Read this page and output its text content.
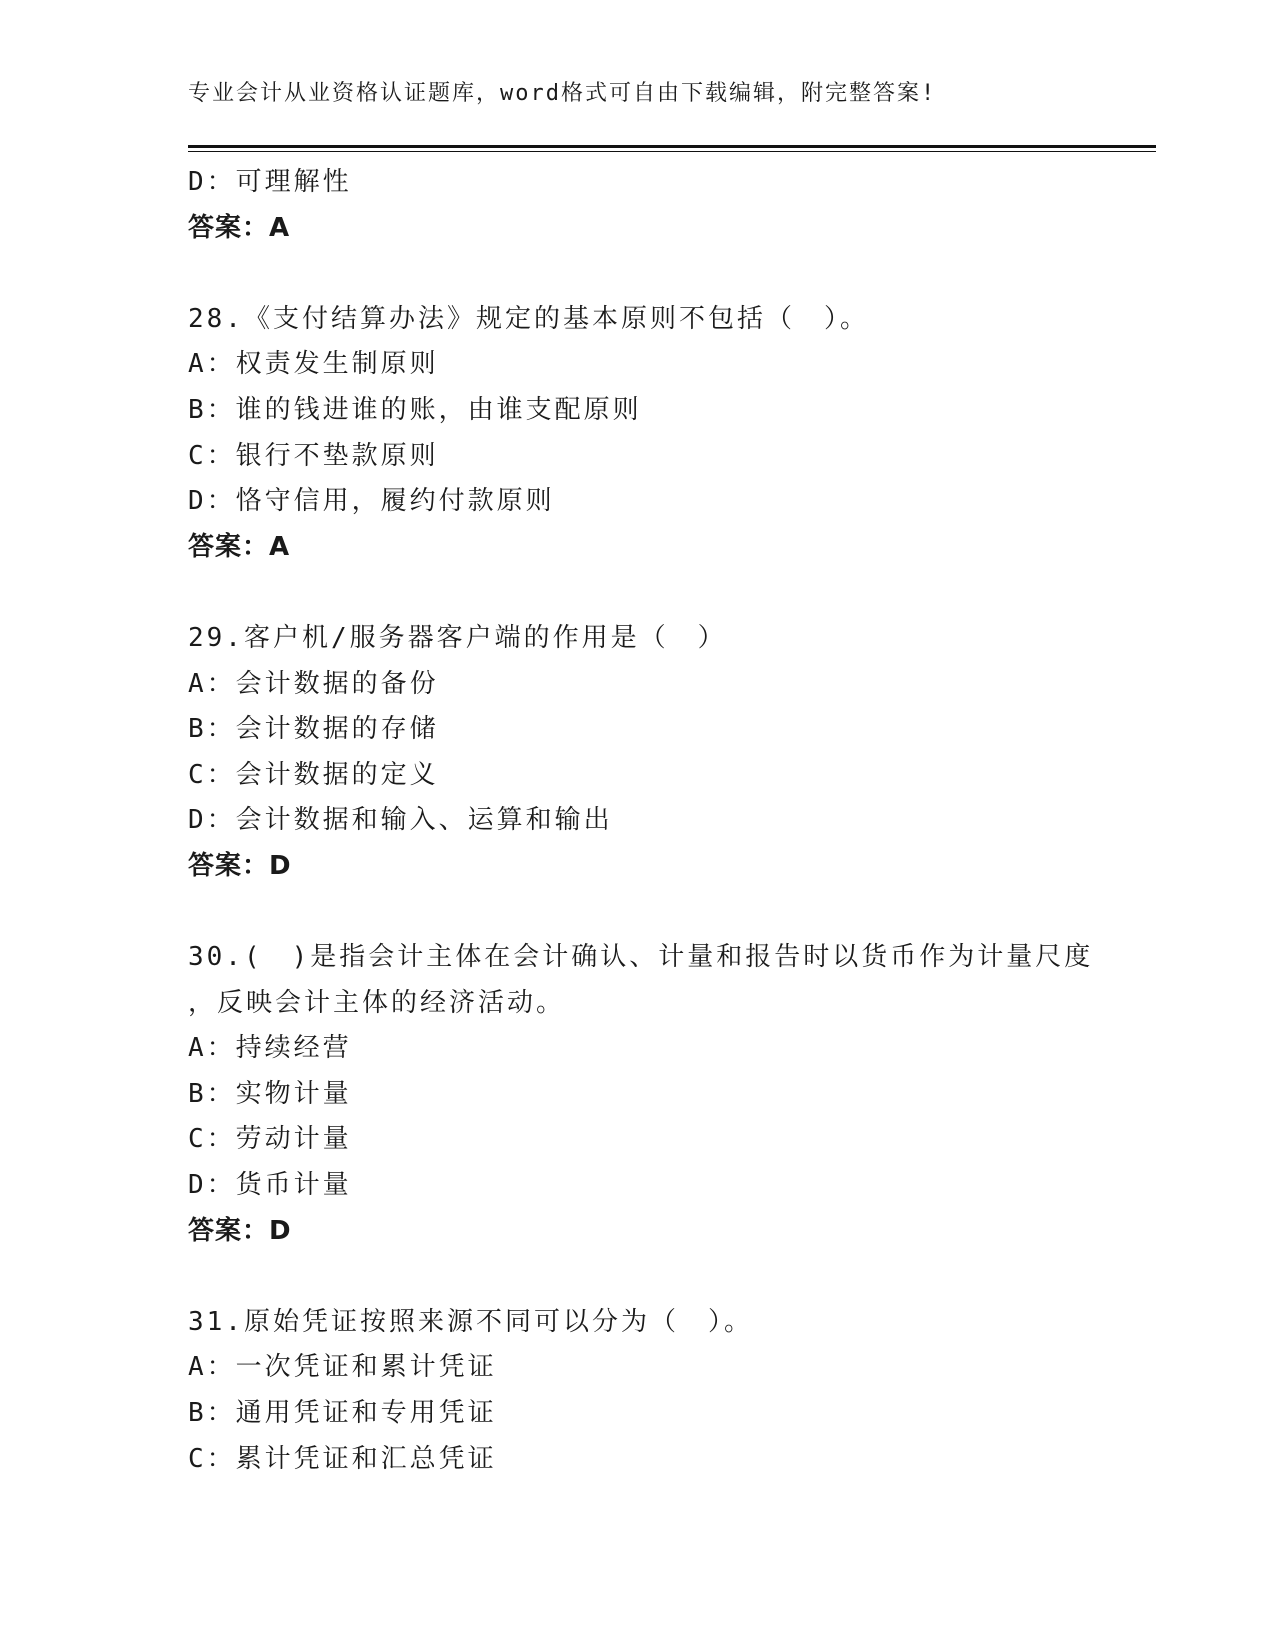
专业会计从业资格认证题库，word格式可自由下载编辑，附完整答案!
D：可理解性
答案：A
28.《支付结算办法》规定的基本原则不包括（　）。
A：权责发生制原则
B：谁的钱进谁的账，由谁支配原则
C：银行不垫款原则
D：恪守信用，履约付款原则
答案：A
29.客户机/服务器客户端的作用是（　）
A：会计数据的备份
B：会计数据的存储
C：会计数据的定义
D：会计数据和输入、运算和输出
答案：D
30.(　)是指会计主体在会计确认、计量和报告时以货币作为计量尺度
，反映会计主体的经济活动。
A：持续经营
B：实物计量
C：劳动计量
D：货币计量
答案：D
31.原始凭证按照来源不同可以分为（　）。
A：一次凭证和累计凭证
B：通用凭证和专用凭证
C：累计凭证和汇总凭证
